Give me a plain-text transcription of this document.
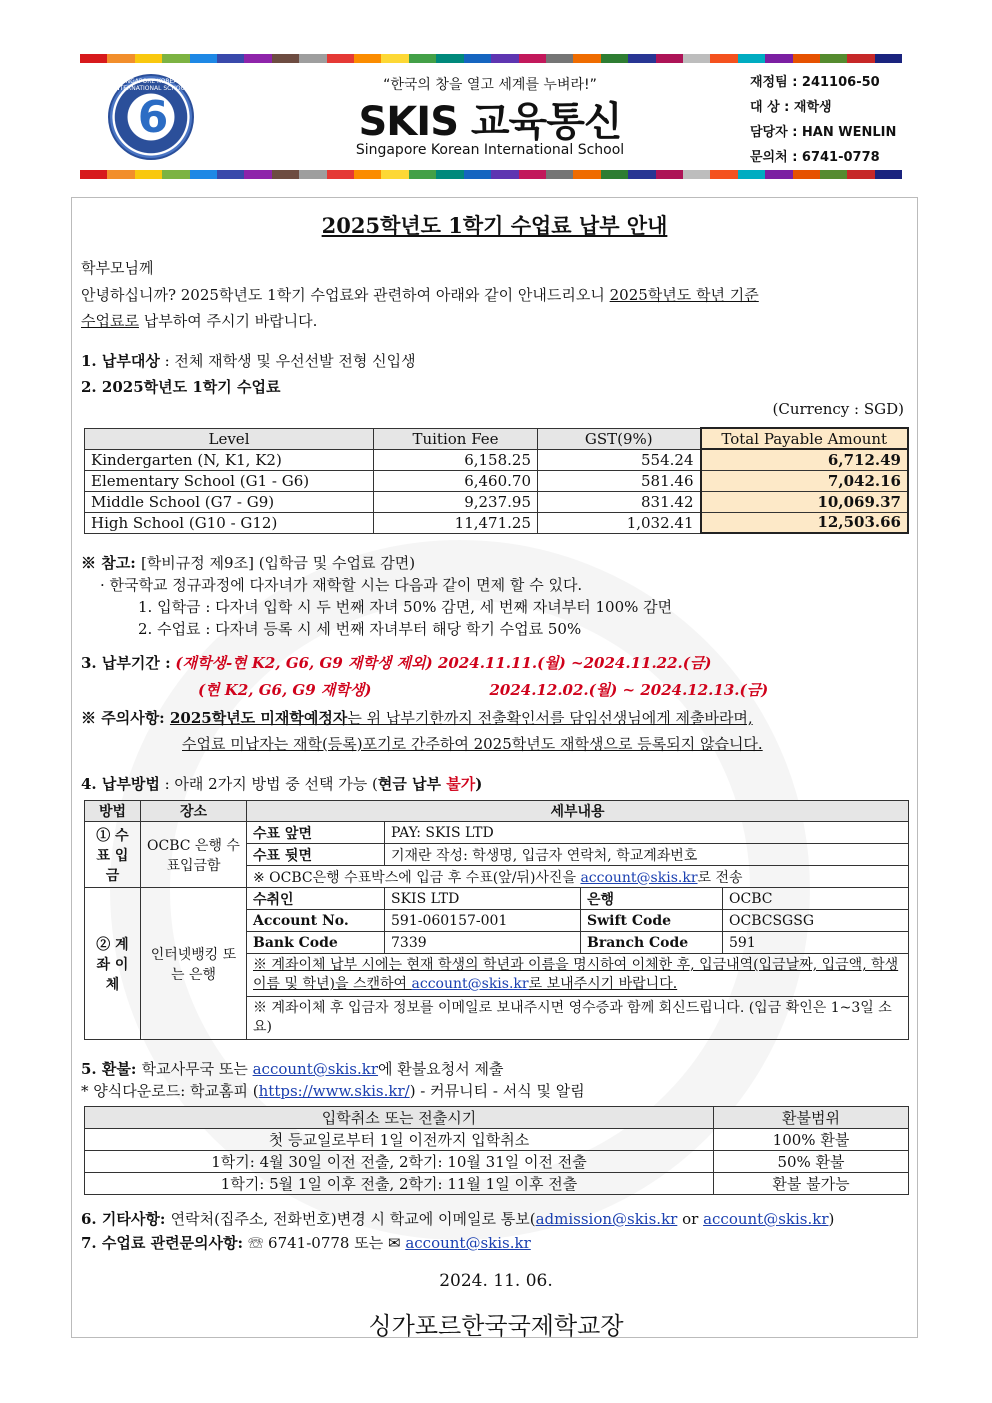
SINGAPORE KOREAN INTERNATIONAL SCHOOL
6
“한국의 창을 열고 세계를 누벼라!”
SKIS 교육통신
Singapore Korean International School
재정팀 : 241106-50
대 상 : 재학생
담당자 : HAN WENLIN
문의처 : 6741-0778
2025학년도 1학기 수업료 납부 안내
학부모님께
안녕하십니까? 2025학년도 1학기 수업료와 관련하여 아래와 같이 안내드리오니 2025학년도 학년 기준
수업료로 납부하여 주시기 바랍니다.
1. 납부대상 : 전체 재학생 및 우선선발 전형 신입생
2. 2025학년도 1학기 수업료
(Currency : SGD)
Level	Tuition Fee	GST(9%)	Total Payable Amount
Kindergarten (N, K1, K2)	6,158.25	554.24	6,712.49
Elementary School (G1 - G6)	6,460.70	581.46	7,042.16
Middle School (G7 - G9)	9,237.95	831.42	10,069.37
High School (G10 - G12)	11,471.25	1,032.41	12,503.66
※ 참고: [학비규정 제9조] (입학금 및 수업료 감면)
· 한국학교 정규과정에 다자녀가 재학할 시는 다음과 같이 면제 할 수 있다.
1. 입학금 : 다자녀 입학 시 두 번째 자녀 50% 감면, 세 번째 자녀부터 100% 감면
2. 수업료 : 다자녀 등록 시 세 번째 자녀부터 해당 학기 수업료 50%
3. 납부기간 : (재학생-현 K2, G6, G9 재학생 제외) 2024.11.11.(월) ~2024.11.22.(금)
(현 K2, G6, G9 재학생)	2024.12.02.(월) ~ 2024.12.13.(금)
※ 주의사항: 2025학년도 미재학예정자는 위 납부기한까지 전출확인서를 담임선생님에게 제출바라며,
수업료 미납자는 재학(등록)포기로 간주하여 2025학년도 재학생으로 등록되지 않습니다.
4. 납부방법 : 아래 2가지 방법 중 선택 가능 (현금 납부 불가)
방법	장소	세부내용			
① 수표 입금	OCBC 은행 수표입금함	수표 앞면	PAY: SKIS LTD		
		수표 뒷면	기재란 작성: 학생명, 입금자 연락처, 학교계좌번호		
		※ OCBC은행 수표박스에 입금 후 수표(앞/뒤)사진을 account@skis.kr로 전송			
② 계좌 이체	인터넷뱅킹 또는 은행	수취인	SKIS LTD	은행	OCBC
		Account No.	591-060157-001	Swift Code	OCBCSGSG
		Bank Code	7339	Branch Code	591
		※ 계좌이체 납부 시에는 현재 학생의 학년과 이름을 명시하여 이체한 후, 입금내역(입금날짜, 입금액, 학생이름 및 학년)을 스캔하여 account@skis.kr로 보내주시기 바랍니다.			
		※ 계좌이체 후 입금자 정보를 이메일로 보내주시면 영수증과 함께 회신드립니다. (입금 확인은 1~3일 소요)			
5. 환불: 학교사무국 또는 account@skis.kr에 환불요청서 제출
* 양식다운로드: 학교홈피 (https://www.skis.kr/) - 커뮤니티 - 서식 및 알림
입학취소 또는 전출시기	환불범위
첫 등교일로부터 1일 이전까지 입학취소	100% 환불
1학기: 4월 30일 이전 전출, 2학기: 10월 31일 이전 전출	50% 환불
1학기: 5월 1일 이후 전출, 2학기: 11월 1일 이후 전출	환불 불가능
6. 기타사항: 연락처(집주소, 전화번호)변경 시 학교에 이메일로 통보(admission@skis.kr or account@skis.kr)
7. 수업료 관련문의사항: ☏ 6741-0778 또는 ✉ account@skis.kr
2024. 11. 06.
싱가포르한국국제학교장
